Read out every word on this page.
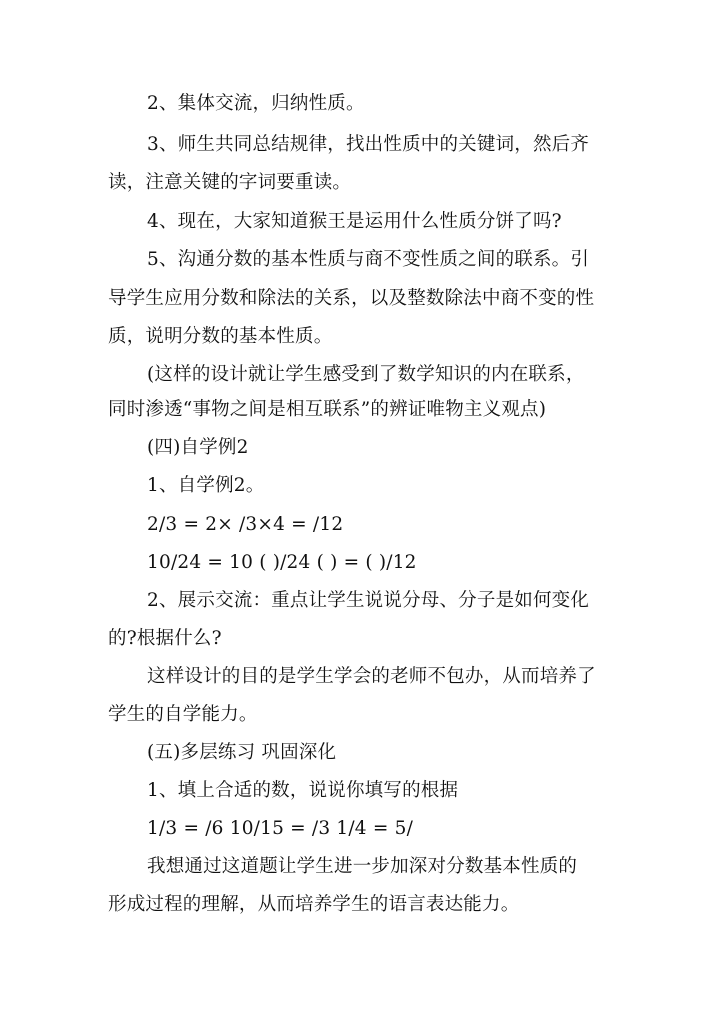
2、集体交流，归纳性质。
3、师生共同总结规律，找出性质中的关键词，然后齐
读，注意关键的字词要重读。
4、现在，大家知道猴王是运用什么性质分饼了吗?
5、沟通分数的基本性质与商不变性质之间的联系。引
导学生应用分数和除法的关系，以及整数除法中商不变的性
质，说明分数的基本性质。
(这样的设计就让学生感受到了数学知识的内在联系，
同时渗透“事物之间是相互联系”的辨证唯物主义观点)
(四)自学例2
1、自学例2。
2/3 = 2× /3×4 = /12
10/24 = 10 ( )/24 ( ) = ( )/12
2、展示交流：重点让学生说说分母、分子是如何变化
的?根据什么?
这样设计的目的是学生学会的老师不包办，从而培养了
学生的自学能力。
(五)多层练习 巩固深化
1、填上合适的数，说说你填写的根据
1/3 = /6 10/15 = /3 1/4 = 5/
我想通过这道题让学生进一步加深对分数基本性质的
形成过程的理解，从而培养学生的语言表达能力。
